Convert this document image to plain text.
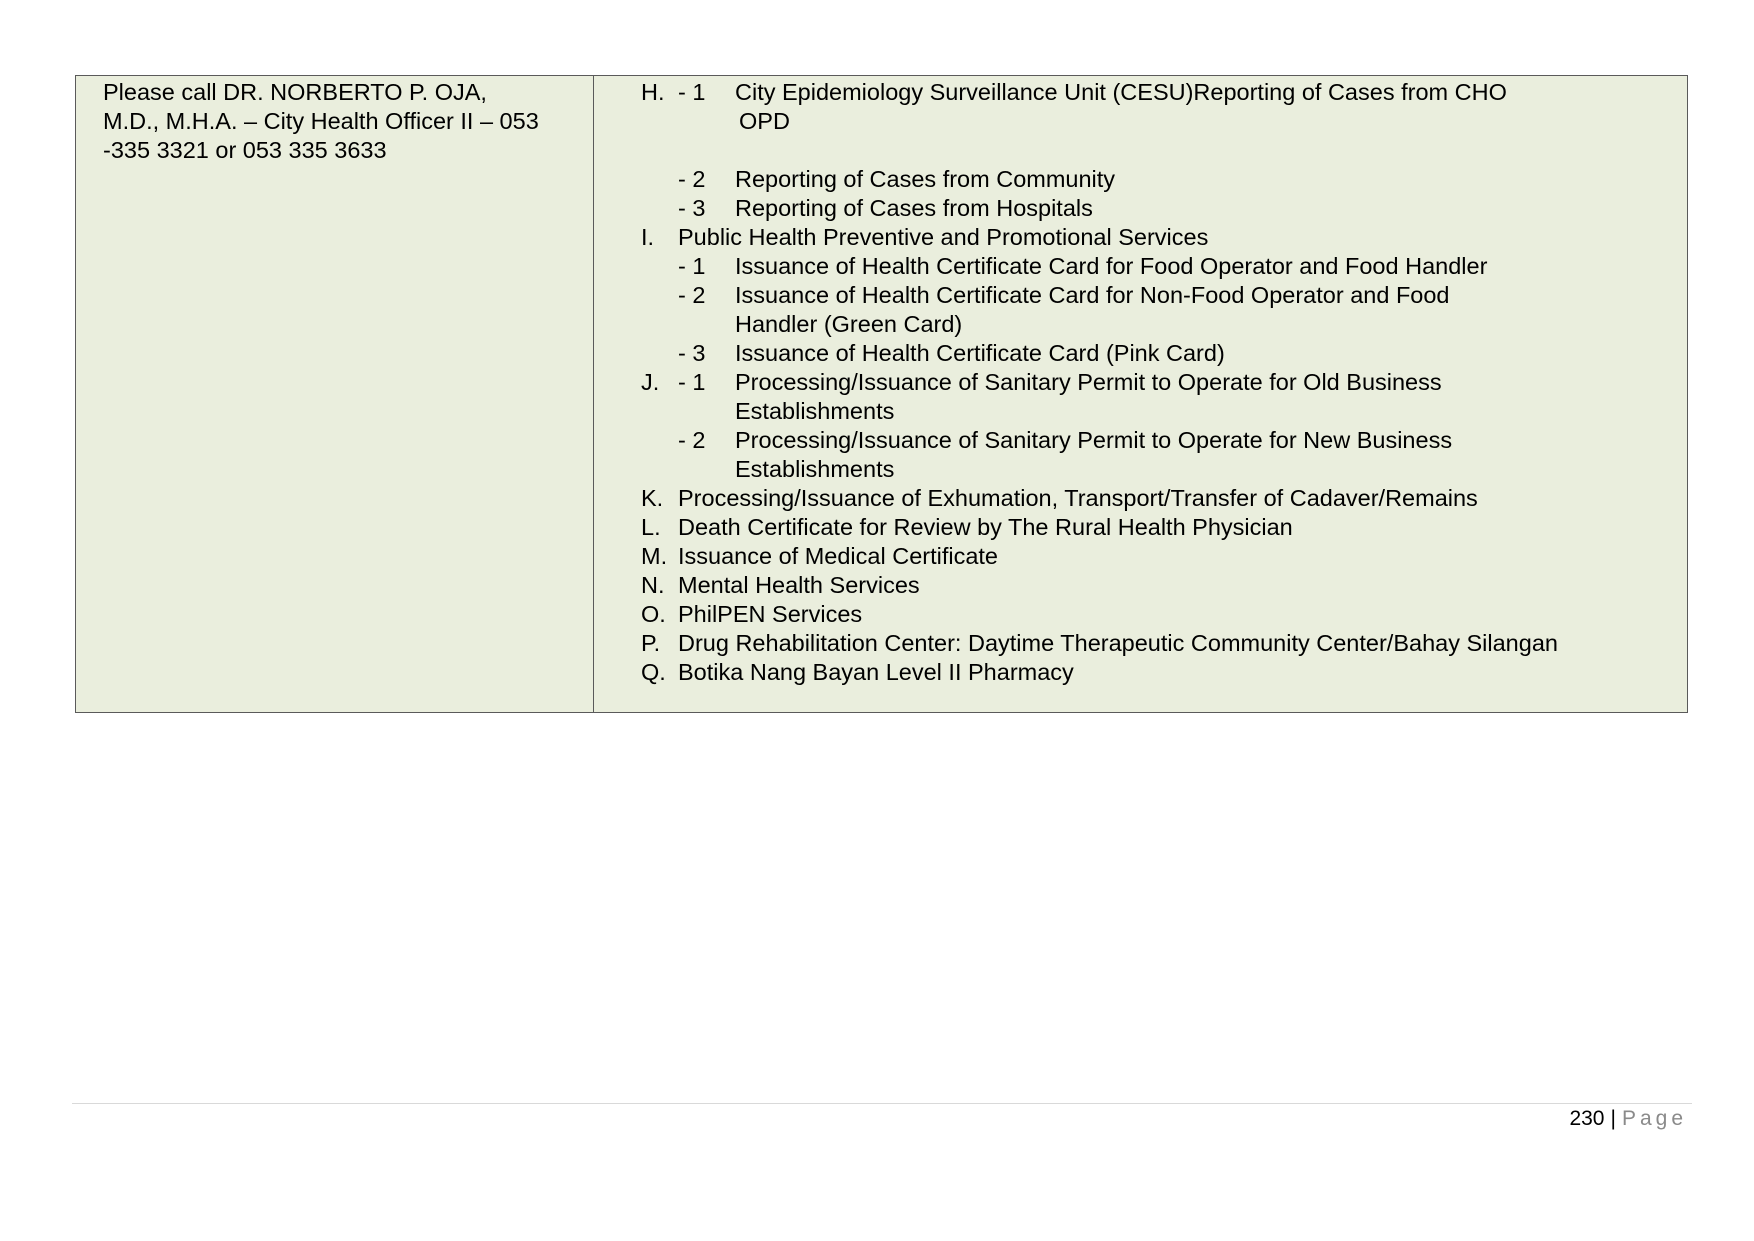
Please call DR. NORBERTO P. OJA,
M.D., M.H.A. – City Health Officer II – 053
-335 3321 or 053 335 3633
H. - 1 City Epidemiology Surveillance Unit (CESU)Reporting of Cases from CHO
OPD
- 2 Reporting of Cases from Community
- 3 Reporting of Cases from Hospitals
I. Public Health Preventive and Promotional Services
- 1 Issuance of Health Certificate Card for Food Operator and Food Handler
- 2 Issuance of Health Certificate Card for Non-Food Operator and Food
Handler (Green Card)
- 3 Issuance of Health Certificate Card (Pink Card)
J. - 1 Processing/Issuance of Sanitary Permit to Operate for Old Business
Establishments
- 2 Processing/Issuance of Sanitary Permit to Operate for New Business
Establishments
K. Processing/Issuance of Exhumation, Transport/Transfer of Cadaver/Remains
L. Death Certificate for Review by The Rural Health Physician
M. Issuance of Medical Certificate
N. Mental Health Services
O. PhilPEN Services
P. Drug Rehabilitation Center: Daytime Therapeutic Community Center/Bahay Silangan
Q. Botika Nang Bayan Level II Pharmacy
230 | Page
